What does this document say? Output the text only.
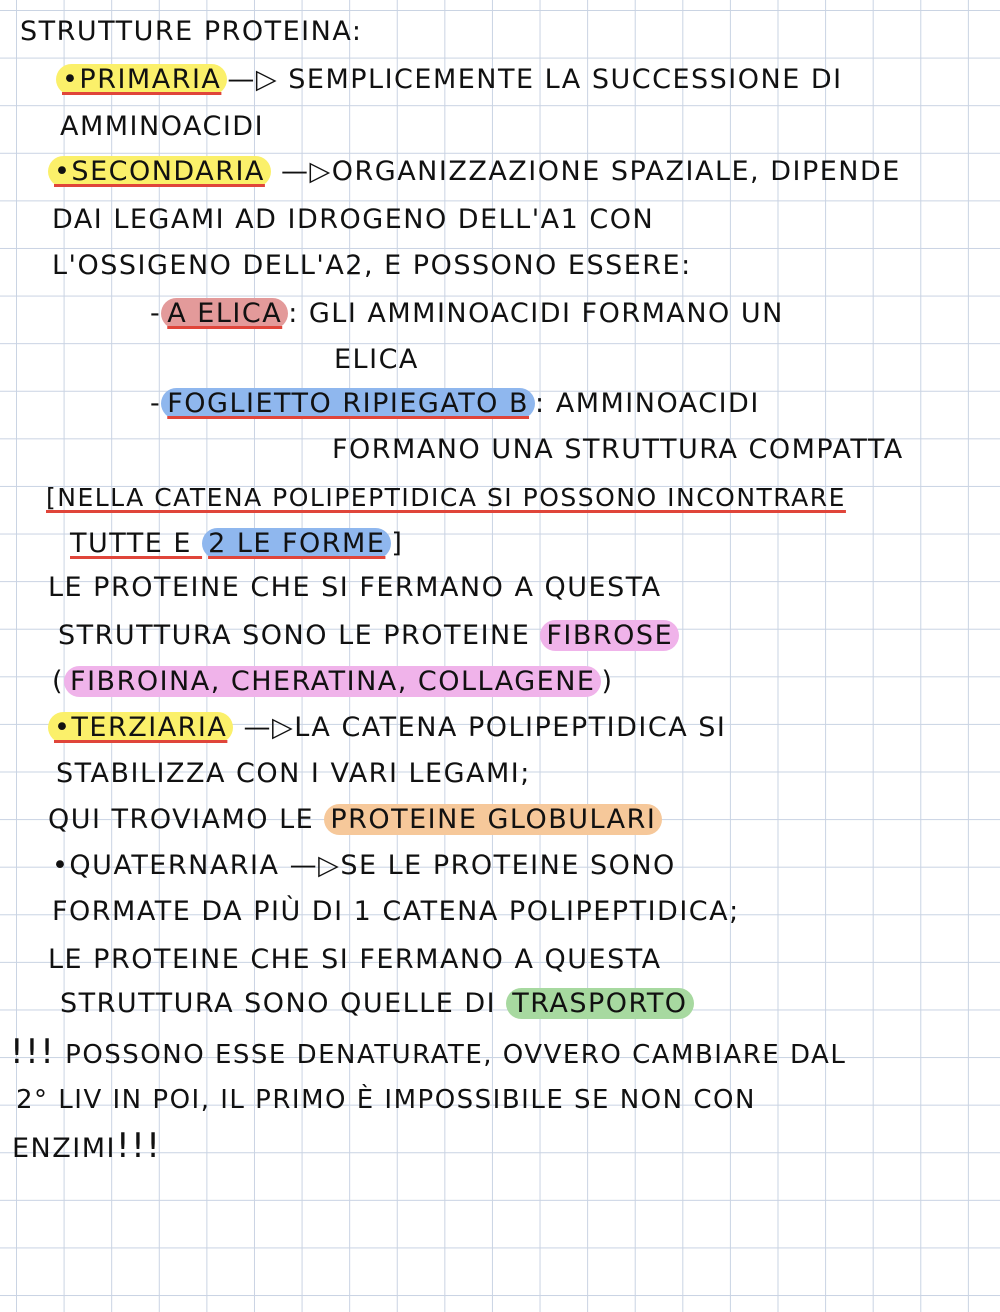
STRUTTURE PROTEINA:
•PRIMARIA —▷ SEMPLICEMENTE LA SUCCESSIONE DI
AMMINOACIDI
•SECONDARIA —▷ORGANIZZAZIONE SPAZIALE, DIPENDE
DAI LEGAMI AD IDROGENO DELL'A1 CON
L'OSSIGENO DELL'A2, E POSSONO ESSERE:
- Α ELICA : GLI AMMINOACIDI FORMANO UN
ELICA
- FOGLIETTO RIPIEGATO Β : AMMINOACIDI
FORMANO UNA STRUTTURA COMPATTA
[NELLA CATENA POLIPEPTIDICA SI POSSONO INCONTRARE
TUTTE E 2 LE FORME ]
LE PROTEINE CHE SI FERMANO A QUESTA
STRUTTURA SONO LE PROTEINE FIBROSE
( FIBROINA, CHERATINA, COLLAGENE )
•TERZIARIA —▷LA CATENA POLIPEPTIDICA SI
STABILIZZA CON I VARI LEGAMI;
QUI TROVIAMO LE PROTEINE GLOBULARI
•QUATERNARIA —▷SE LE PROTEINE SONO
FORMATE DA PIÙ DI 1 CATENA POLIPEPTIDICA;
LE PROTEINE CHE SI FERMANO A QUESTA
STRUTTURA SONO QUELLE DI TRASPORTO
!!! POSSONO ESSE DENATURATE, OVVERO CAMBIARE DAL
2° LIV IN POI, IL PRIMO È IMPOSSIBILE SE NON CON
ENZIMI!!!
